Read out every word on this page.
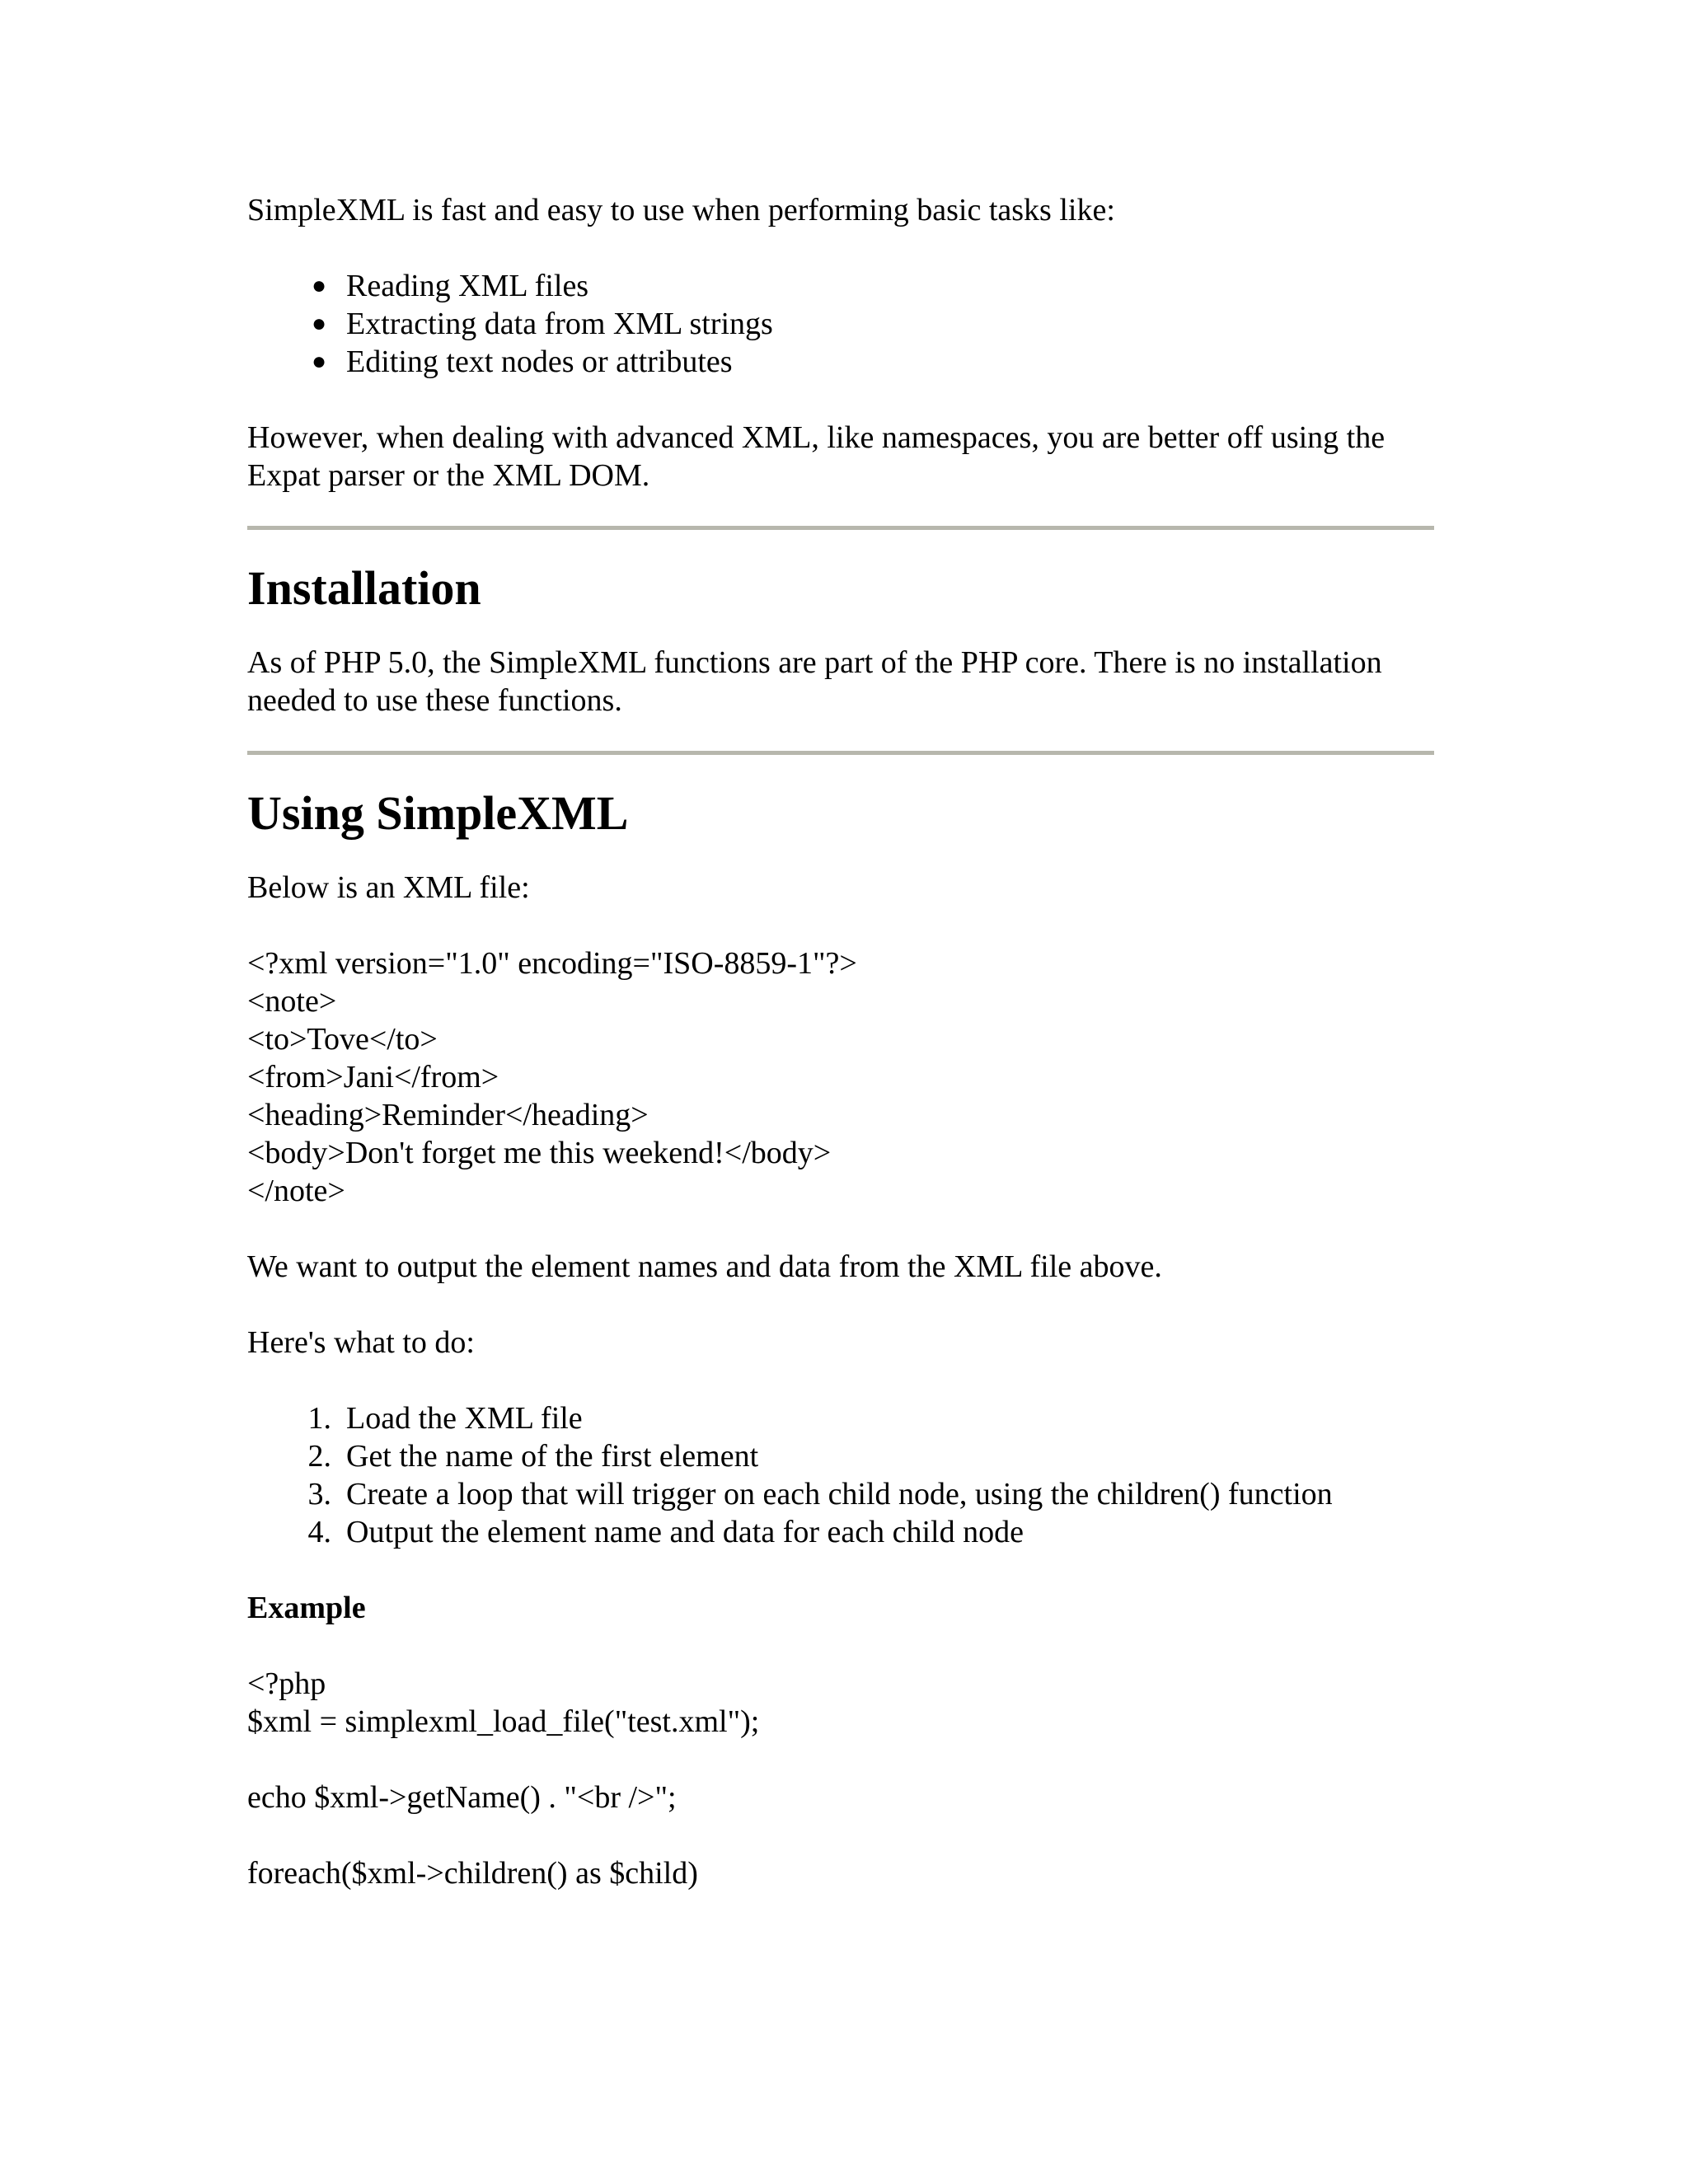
SimpleXML is fast and easy to use when performing basic tasks like:

● Reading XML files
● Extracting data from XML strings
● Editing text nodes or attributes

However, when dealing with advanced XML, like namespaces, you are better off using the Expat parser or the XML DOM.

Installation

As of PHP 5.0, the SimpleXML functions are part of the PHP core. There is no installation needed to use these functions.

Using SimpleXML

Below is an XML file:

<?xml version="1.0" encoding="ISO-8859-1"?>

<note>

<to>Tove</to>

<from>Jani</from>

<heading>Reminder</heading>

<body>Don't forget me this weekend!</body>

</note>

We want to output the element names and data from the XML file above.

Here's what to do:

1. Load the XML file
2. Get the name of the first element
3. Create a loop that will trigger on each child node, using the children() function
4. Output the element name and data for each child node

Example

<?php

$xml = simplexml_load_file("test.xml");

echo $xml->getName() . "<br />";

foreach($xml->children() as $child)
